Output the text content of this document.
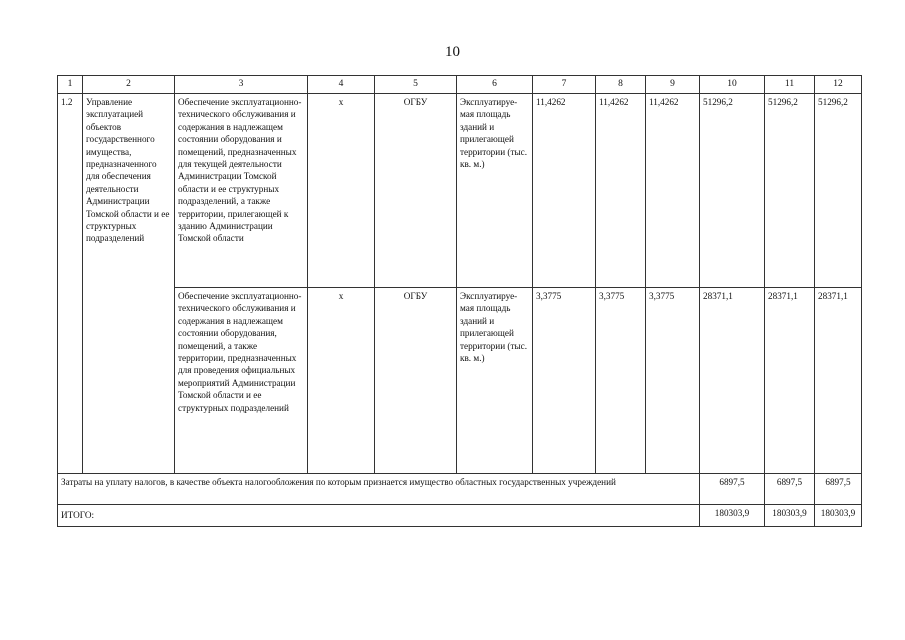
10
1	2	3	4	5	6	7	8	9	10	11	12
1.2	Управление эксплуатацией объектов государственного имущества, предназначенного для обеспечения деятельности Администрации Томской области и ее структурных подразделений	Обеспечение эксплуатационно-технического обслуживания и содержания в надлежащем состоянии оборудования и помещений, предназначенных для текущей деятельности Администрации Томской области и ее структурных подразделений, а также территории, прилегающей к зданию Администрации Томской области	х	ОГБУ	Эксплуатируе-мая площадь зданий и прилегающей территории (тыс. кв. м.)	11,4262	11,4262	11,4262	51296,2	51296,2	51296,2
		Обеспечение эксплуатационно-технического обслуживания и содержания в надлежащем состоянии оборудования, помещений, а также территории, предназначенных для проведения официальных мероприятий Администрации Томской области и ее структурных подразделений	х	ОГБУ	Эксплуатируе-мая площадь зданий и прилегающей территории (тыс. кв. м.)	3,3775	3,3775	3,3775	28371,1	28371,1	28371,1
Затраты на уплату налогов, в качестве объекта налогообложения по которым признается имущество областных государственных учреждений									6897,5	6897,5	6897,5
ИТОГО:									180303,9	180303,9	180303,9
